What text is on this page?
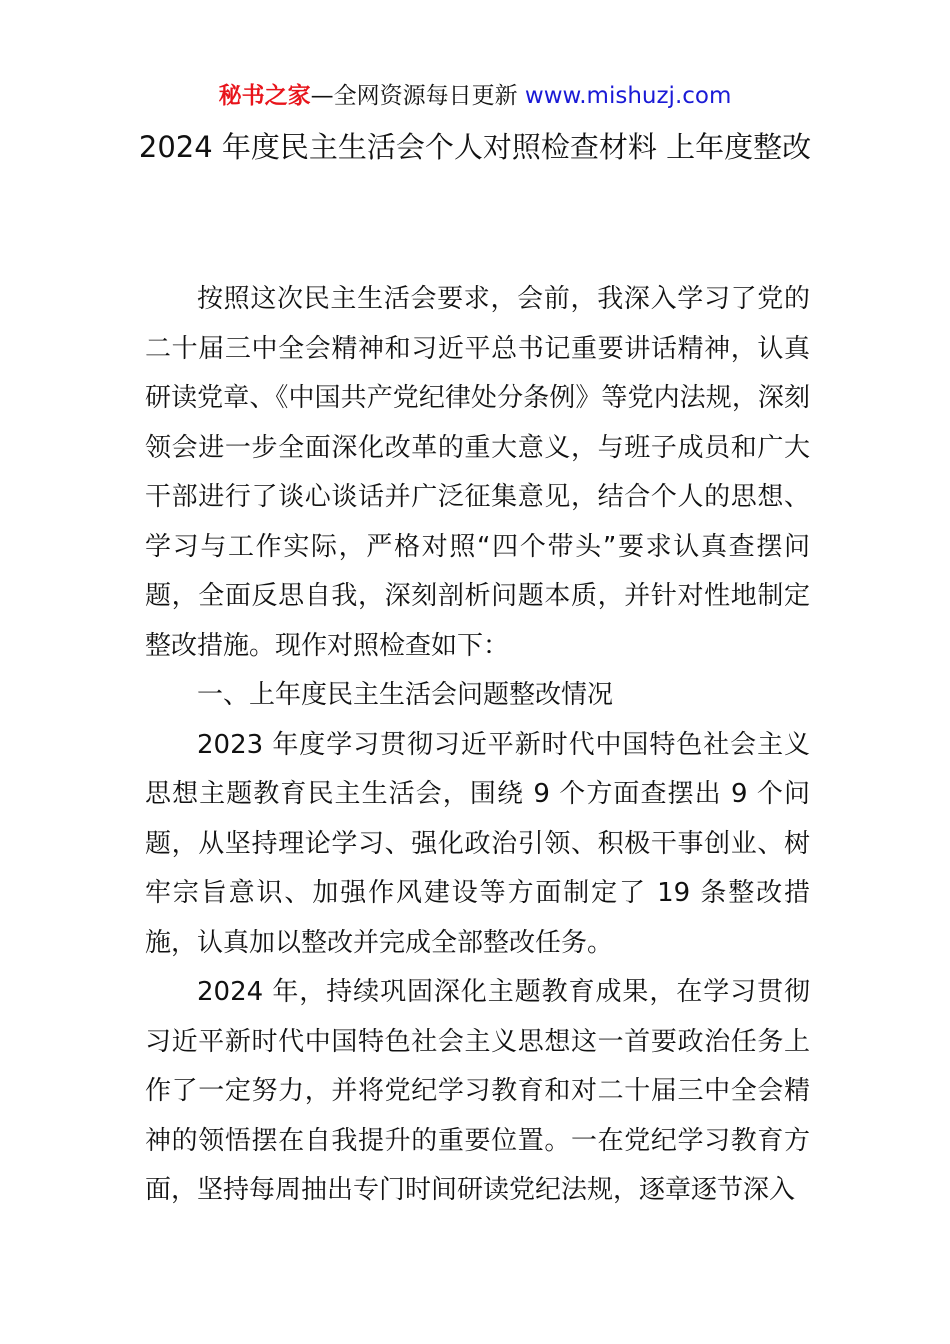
秘书之家—全网资源每日更新 www.mishuzj.com
2024 年度民主生活会个人对照检查材料 上年度整改

按照这次民主生活会要求，会前，我深入学习了党的二十届三中全会精神和习近平总书记重要讲话精神，认真研读党章、《中国共产党纪律处分条例》等党内法规，深刻领会进一步全面深化改革的重大意义，与班子成员和广大干部进行了谈心谈话并广泛征集意见，结合个人的思想、学习与工作实际，严格对照“四个带头”要求认真查摆问题，全面反思自我，深刻剖析问题本质，并针对性地制定整改措施。现作对照检查如下：

一、上年度民主生活会问题整改情况

2023 年度学习贯彻习近平新时代中国特色社会主义思想主题教育民主生活会，围绕 9 个方面查摆出 9 个问题，从坚持理论学习、强化政治引领、积极干事创业、树牢宗旨意识、加强作风建设等方面制定了 19 条整改措施，认真加以整改并完成全部整改任务。

2024 年，持续巩固深化主题教育成果，在学习贯彻习近平新时代中国特色社会主义思想这一首要政治任务上作了一定努力，并将党纪学习教育和对二十届三中全会精神的领悟摆在自我提升的重要位置。一在党纪学习教育方面，坚持每周抽出专门时间研读党纪法规，逐章逐节深入
